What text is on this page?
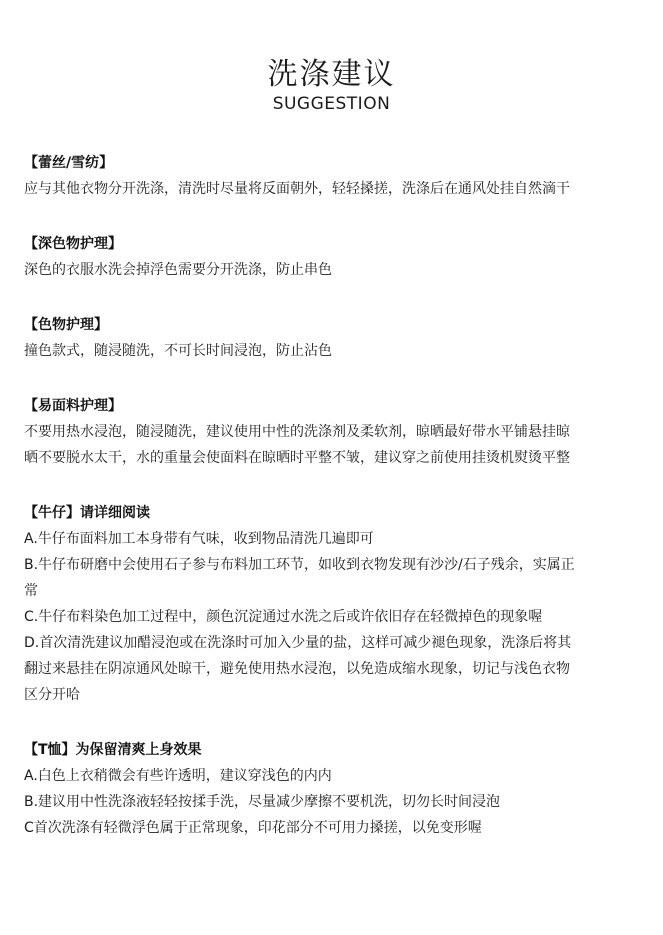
洗涤建议
SUGGESTION
【蕾丝/雪纺】
应与其他衣物分开洗涤，清洗时尽量将反面朝外，轻轻搡搓，洗涤后在通风处挂自然滴干
【深色物护理】
深色的衣服水洗会掉浮色需要分开洗涤，防止串色
【色物护理】
撞色款式，随浸随洗，不可长时间浸泡，防止沾色
【易面料护理】
不要用热水浸泡，随浸随洗，建议使用中性的洗涤剂及柔软剂，晾晒最好带水平铺悬挂晾
晒不要脱水太干，水的重量会使面料在晾晒时平整不皱，建议穿之前使用挂烫机熨烫平整
【牛仔】请详细阅读
A.牛仔布面料加工本身带有气味，收到物品清洗几遍即可
B.牛仔布研磨中会使用石子参与布料加工环节，如收到衣物发现有沙沙/石子残余，实属正
常
C.牛仔布料染色加工过程中，颜色沉淀通过水洗之后或许依旧存在轻微掉色的现象喔
D.首次清洗建议加醋浸泡或在洗涤时可加入少量的盐，这样可减少褪色现象，洗涤后将其
翻过来悬挂在阴凉通风处晾干，避免使用热水浸泡，以免造成缩水现象，切记与浅色衣物
区分开哈
【T恤】为保留清爽上身效果
A.白色上衣稍微会有些许透明，建议穿浅色的内内
B.建议用中性洗涤液轻轻按揉手洗，尽量减少摩擦不要机洗，切勿长时间浸泡
C首次洗涤有轻微浮色属于正常现象，印花部分不可用力搡搓，以免变形喔
